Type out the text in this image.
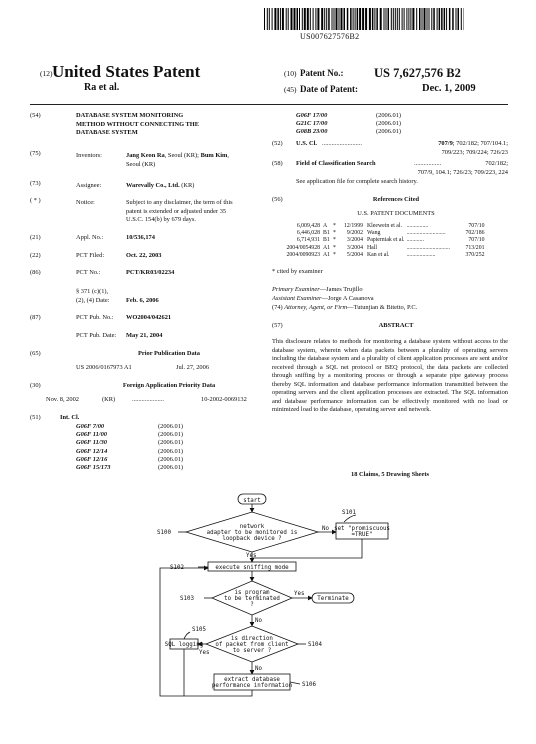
US007627576B2
(12)	(10) Patent No.: US 7,627,576 B2
(45) Date of Patent:	Dec. 1, 2009
United States Patent
Ra et al.
(54)	DATABASE SYSTEM MONITORING
METHOD WITHOUT CONNECTING THE
DATABASE SYSTEM
(75)	Inventors:	Jang Keon Ra, Seoul (KR); Bum Kim,
Seoul (KR)
(73)	Assignee:	Warevally Co., Ltd. (KR)
( * )	Notice:	Subject to any disclaimer, the term of this
patent is extended or adjusted under 35
U.S.C. 154(b) by 679 days.
(21)	Appl. No.:	10/536,174
(22)	PCT Filed:	Oct. 22, 2003
(86)	PCT No.:	PCT/KR03/02234
§ 371 (c)(1),
(2), (4) Date:	Feb. 6, 2006
(87)	PCT Pub. No.: WO2004/042621
PCT Pub. Date: May 21, 2004
(65)	Prior Publication Data
US 2006/0167973 A1	Jul. 27, 2006
(30)	Foreign Application Priority Data
Nov. 8, 2002	(KR)	....................	10-2002-0069132
(51)	Int. Cl.
G06F 7/00	(2006.01)
G06F 11/00	(2006.01)
G06F 11/30	(2006.01)
G06F 12/14	(2006.01)
G06F 12/16	(2006.01)
G06F 15/173	(2006.01)
G06F 17/00	(2006.01)
G21C 17/00	(2006.01)
G08B 23/00	(2006.01)
(52) U.S. Cl. .........................	707/9; 702/182; 707/104.1;
709/223; 709/224; 726/23
(58) Field of Classification Search	.................	702/182;
707/9, 104.1; 726/23; 709/223, 224
See application file for complete search history.
(56)	References Cited
U.S. PATENT DOCUMENTS
6,009,428	A	*	12/1999	Kleewein et al.	...............	707/10
6,446,028	B1	*	9/2002	Wang	...........................	702/186
6,714,931	B1	*	3/2004	Papierniak et al.	............	707/10
2004/0054928	A1	*	3/2004	Hall	..............................	713/201
2004/0090923	A1	*	5/2004	Kan et al.	....................	370/252
* cited by examiner
Primary Examiner—James Trujillo
Assistant Examiner—Jorge A Casanova
(74) Attorney, Agent, or Firm—Tutunjian & Bitetto, P.C.
(57)	ABSTRACT
This disclosure relates to methods for monitoring a database system without access to the database system, wherein when data packets between a plurality of operating servers including the database system and a plurality of client application processes are sent and/or received through a SQL net protocol or BEQ protocol, the data packets are collected through sniffing by a monitoring process or through a separate pipe gateway process thereby SQL information and database performance information transmitted between the operating servers and the client application processes are extracted. The SQL information and database performance information can be effectively monitored with no load or minimized load to the database, operating server and network.
18 Claims, 5 Drawing Sheets
start
S101
S100
network
adapter to be monitored is
loopback device ?
No set "promiscuous
=TRUE"
Yes
S102	execute sniffing mode
S103
is program
to be terminated
?
Yes
Terminate
No
S105
is direction
of packet from client
to server ?
S104
SQL logging
Yes
No
extract database
performance information S106
